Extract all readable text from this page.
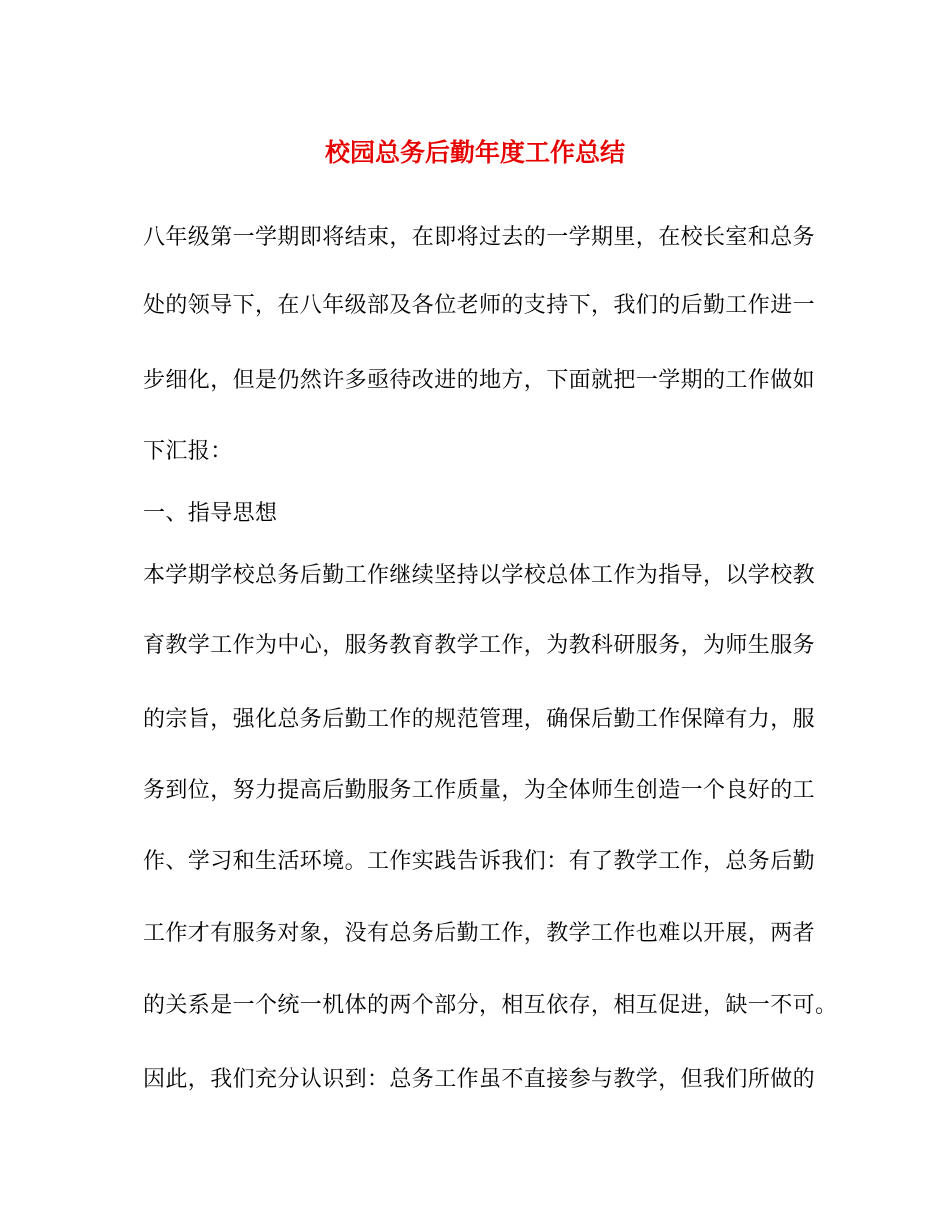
校园总务后勤年度工作总结
八年级第一学期即将结束，在即将过去的一学期里，在校长室和总务
处的领导下，在八年级部及各位老师的支持下，我们的后勤工作进一
步细化，但是仍然许多亟待改进的地方，下面就把一学期的工作做如
下汇报：
一、指导思想
本学期学校总务后勤工作继续坚持以学校总体工作为指导，以学校教
育教学工作为中心，服务教育教学工作，为教科研服务，为师生服务
的宗旨，强化总务后勤工作的规范管理，确保后勤工作保障有力，服
务到位，努力提高后勤服务工作质量，为全体师生创造一个良好的工
作、学习和生活环境。工作实践告诉我们：有了教学工作，总务后勤
工作才有服务对象，没有总务后勤工作，教学工作也难以开展，两者
的关系是一个统一机体的两个部分，相互依存，相互促进，缺一不可。
因此，我们充分认识到：总务工作虽不直接参与教学，但我们所做的
